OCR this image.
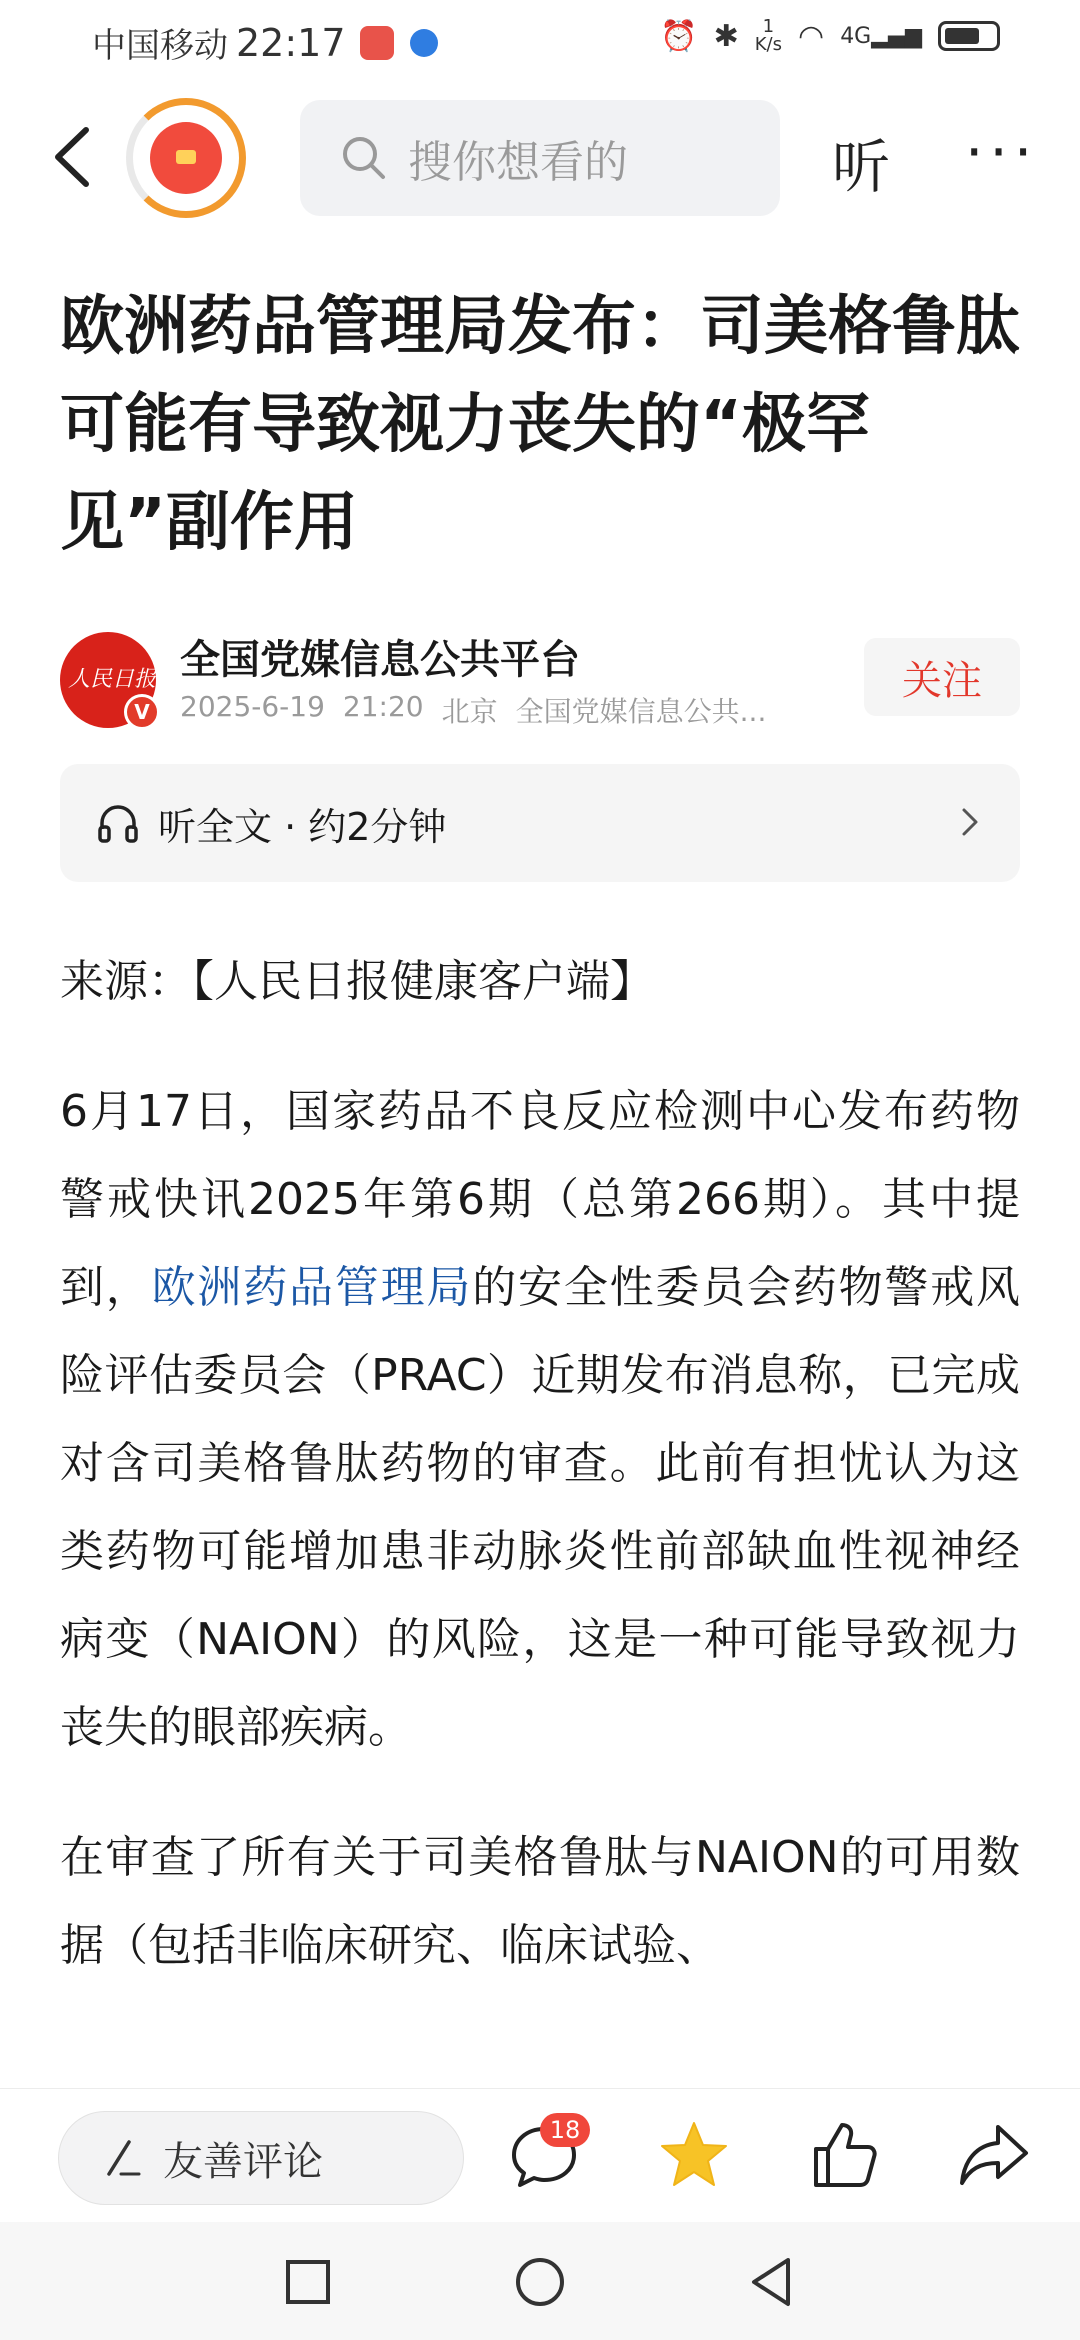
中国移动 22:17	⏰ ✱	1
K/s ◠ 4G▂▄▆
搜你想看的	听 ···
欧洲药品管理局发布：司美格鲁肽可能有导致视力丧失的“极罕见”副作用
人民日报
V
全国党媒信息公共平台
2025-6-19 21:20 北京 全国党媒信息公共...
关注
听全文 · 约2分钟

来源：【人民日报健康客户端】

6月17日，国家药品不良反应检测中心发布药物警戒快讯2025年第6期（总第266期）。其中提到，欧洲药品管理局的安全性委员会药物警戒风险评估委员会（PRAC）近期发布消息称，已完成对含司美格鲁肽药物的审查。此前有担忧认为这类药物可能增加患非动脉炎性前部缺血性视神经病变（NAION）的风险，这是一种可能导致视力丧失的眼部疾病。

在审查了所有关于司美格鲁肽与NAION的可用数据（包括非临床研究、临床试验、

友善评论
18
